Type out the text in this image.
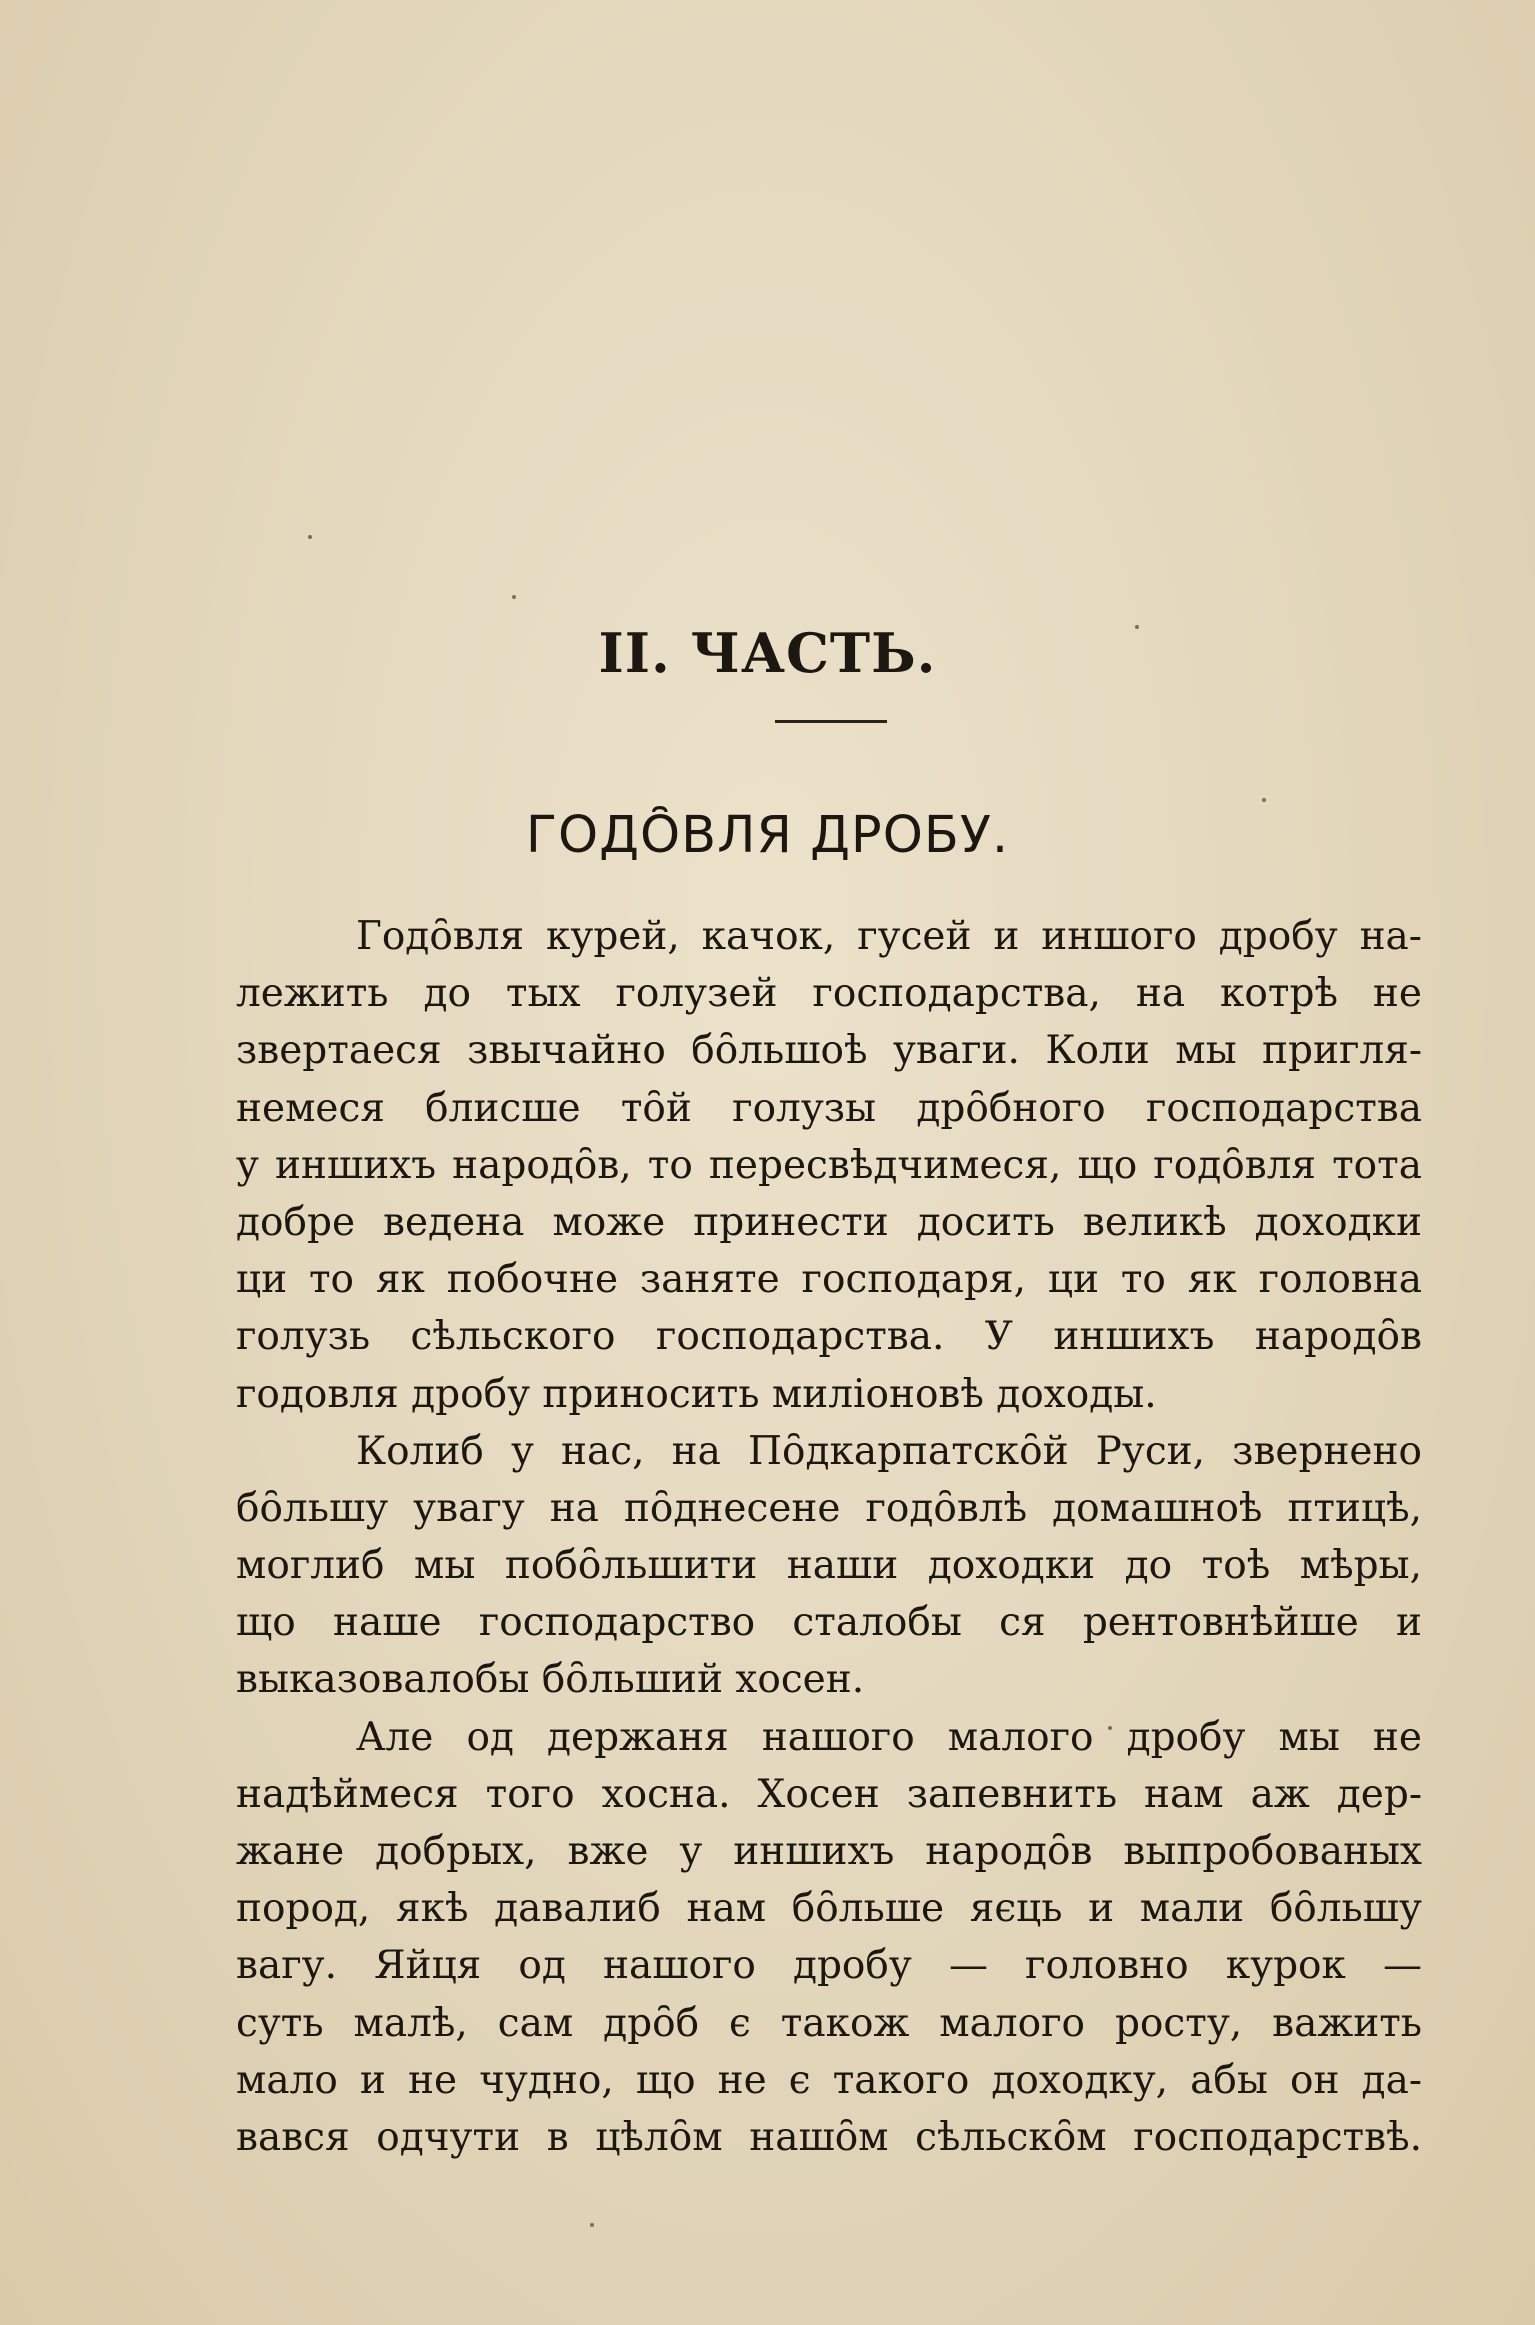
II. ЧАСТЬ.
ГОДȎВЛЯ ДРОБУ.
Годȏвля курей, качок, гусей и иншого дробу на-
лежить до тых голузей господарства, на котрѣ не
звертаеся звычайно бȏльшоѣ уваги. Коли мы пригля-
немеся блисше тȏй голузы дрȏбного господарства
у иншихъ народȏв, то пересвѣдчимеся, що годȏвля тота
добре ведена може принести досить великѣ доходки
ци то як побочне заняте господаря, ци то як головна
голузь сѣльского господарства. У иншихъ народȏв
годовля дробу приносить милiоновѣ доходы.
Колиб у нас, на Пȏдкарпатскȏй Руси, звернено
бȏльшу увагу на пȏднесене годȏвлѣ домашноѣ птицѣ,
моглиб мы побȏльшити наши доходки до тоѣ мѣры,
що наше господарство сталобы ся рентовнѣйше и
выказовалобы бȏльший хосен.
Але од держаня нашого малого дробу мы не
надѣймеся того хосна. Хосен запевнить нам аж дер-
жане добрых, вже у иншихъ народȏв выпробованых
пород, якѣ давалиб нам бȏльше яєць и мали бȏльшу
вагу. Яйця од нашого дробу — головно курок —
суть малѣ, сам дрȏб є також малого росту, важить
мало и не чудно, що не є такого доходку, абы он да-
вався одчути в цѣлȏм нашȏм сѣльскȏм господарствѣ.
